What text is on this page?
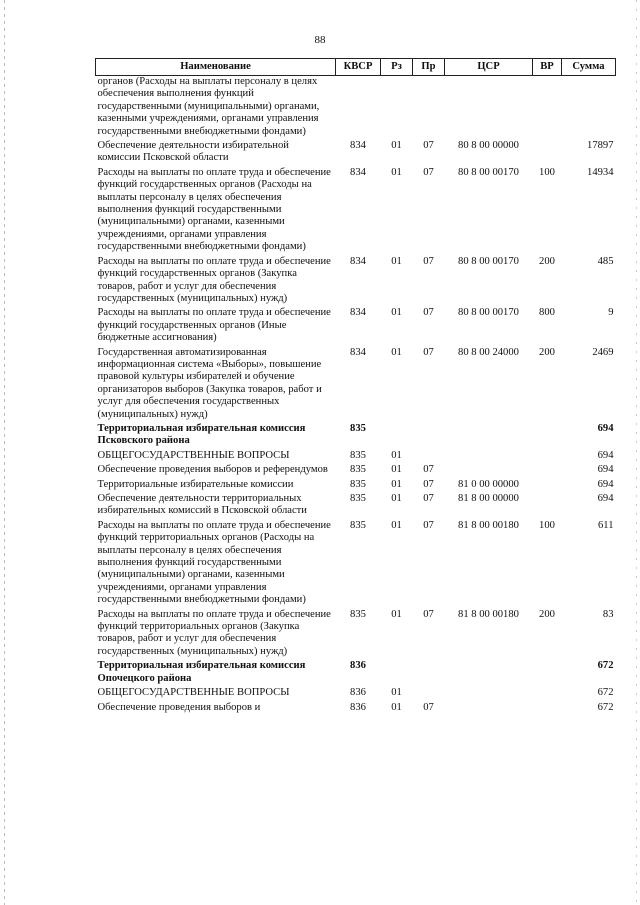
88
Наименование	КВСР	Рз	Пр	ЦСР	ВР	Сумма
органов (Расходы на выплаты персоналу в целях обеспечения выполнения функций государственными (муниципальными) органами, казенными учреждениями, органами управления государственными внебюджетными фондами)						
Обеспечение деятельности избирательной комиссии Псковской области	834	01	07	80 8 00 00000		17897
Расходы на выплаты по оплате труда и обеспечение функций государственных органов (Расходы на выплаты персоналу в целях обеспечения выполнения функций государственными (муниципальными) органами, казенными учреждениями, органами управления государственными внебюджетными фондами)	834	01	07	80 8 00 00170	100	14934
Расходы на выплаты по оплате труда и обеспечение функций государственных органов (Закупка товаров, работ и услуг для обеспечения государственных (муниципальных) нужд)	834	01	07	80 8 00 00170	200	485
Расходы на выплаты по оплате труда и обеспечение функций государственных органов (Иные бюджетные ассигнования)	834	01	07	80 8 00 00170	800	9
Государственная автоматизированная информационная система «Выборы», повышение правовой культуры избирателей и обучение организаторов выборов (Закупка товаров, работ и услуг для обеспечения государственных (муниципальных) нужд)	834	01	07	80 8 00 24000	200	2469
Территориальная избирательная комиссия Псковского района	835					694
ОБЩЕГОСУДАРСТВЕННЫЕ ВОПРОСЫ	835	01				694
Обеспечение проведения выборов и референдумов	835	01	07			694
Территориальные избирательные комиссии	835	01	07	81 0 00 00000		694
Обеспечение деятельности территориальных избирательных комиссий в Псковской области	835	01	07	81 8 00 00000		694
Расходы на выплаты по оплате труда и обеспечение функций территориальных органов (Расходы на выплаты персоналу в целях обеспечения выполнения функций государственными (муниципальными) органами, казенными учреждениями, органами управления государственными внебюджетными фондами)	835	01	07	81 8 00 00180	100	611
Расходы на выплаты по оплате труда и обеспечение функций территориальных органов (Закупка товаров, работ и услуг для обеспечения государственных (муниципальных) нужд)	835	01	07	81 8 00 00180	200	83
Территориальная избирательная комиссия Опочецкого района	836					672
ОБЩЕГОСУДАРСТВЕННЫЕ ВОПРОСЫ	836	01				672
Обеспечение проведения выборов и	836	01	07			672
